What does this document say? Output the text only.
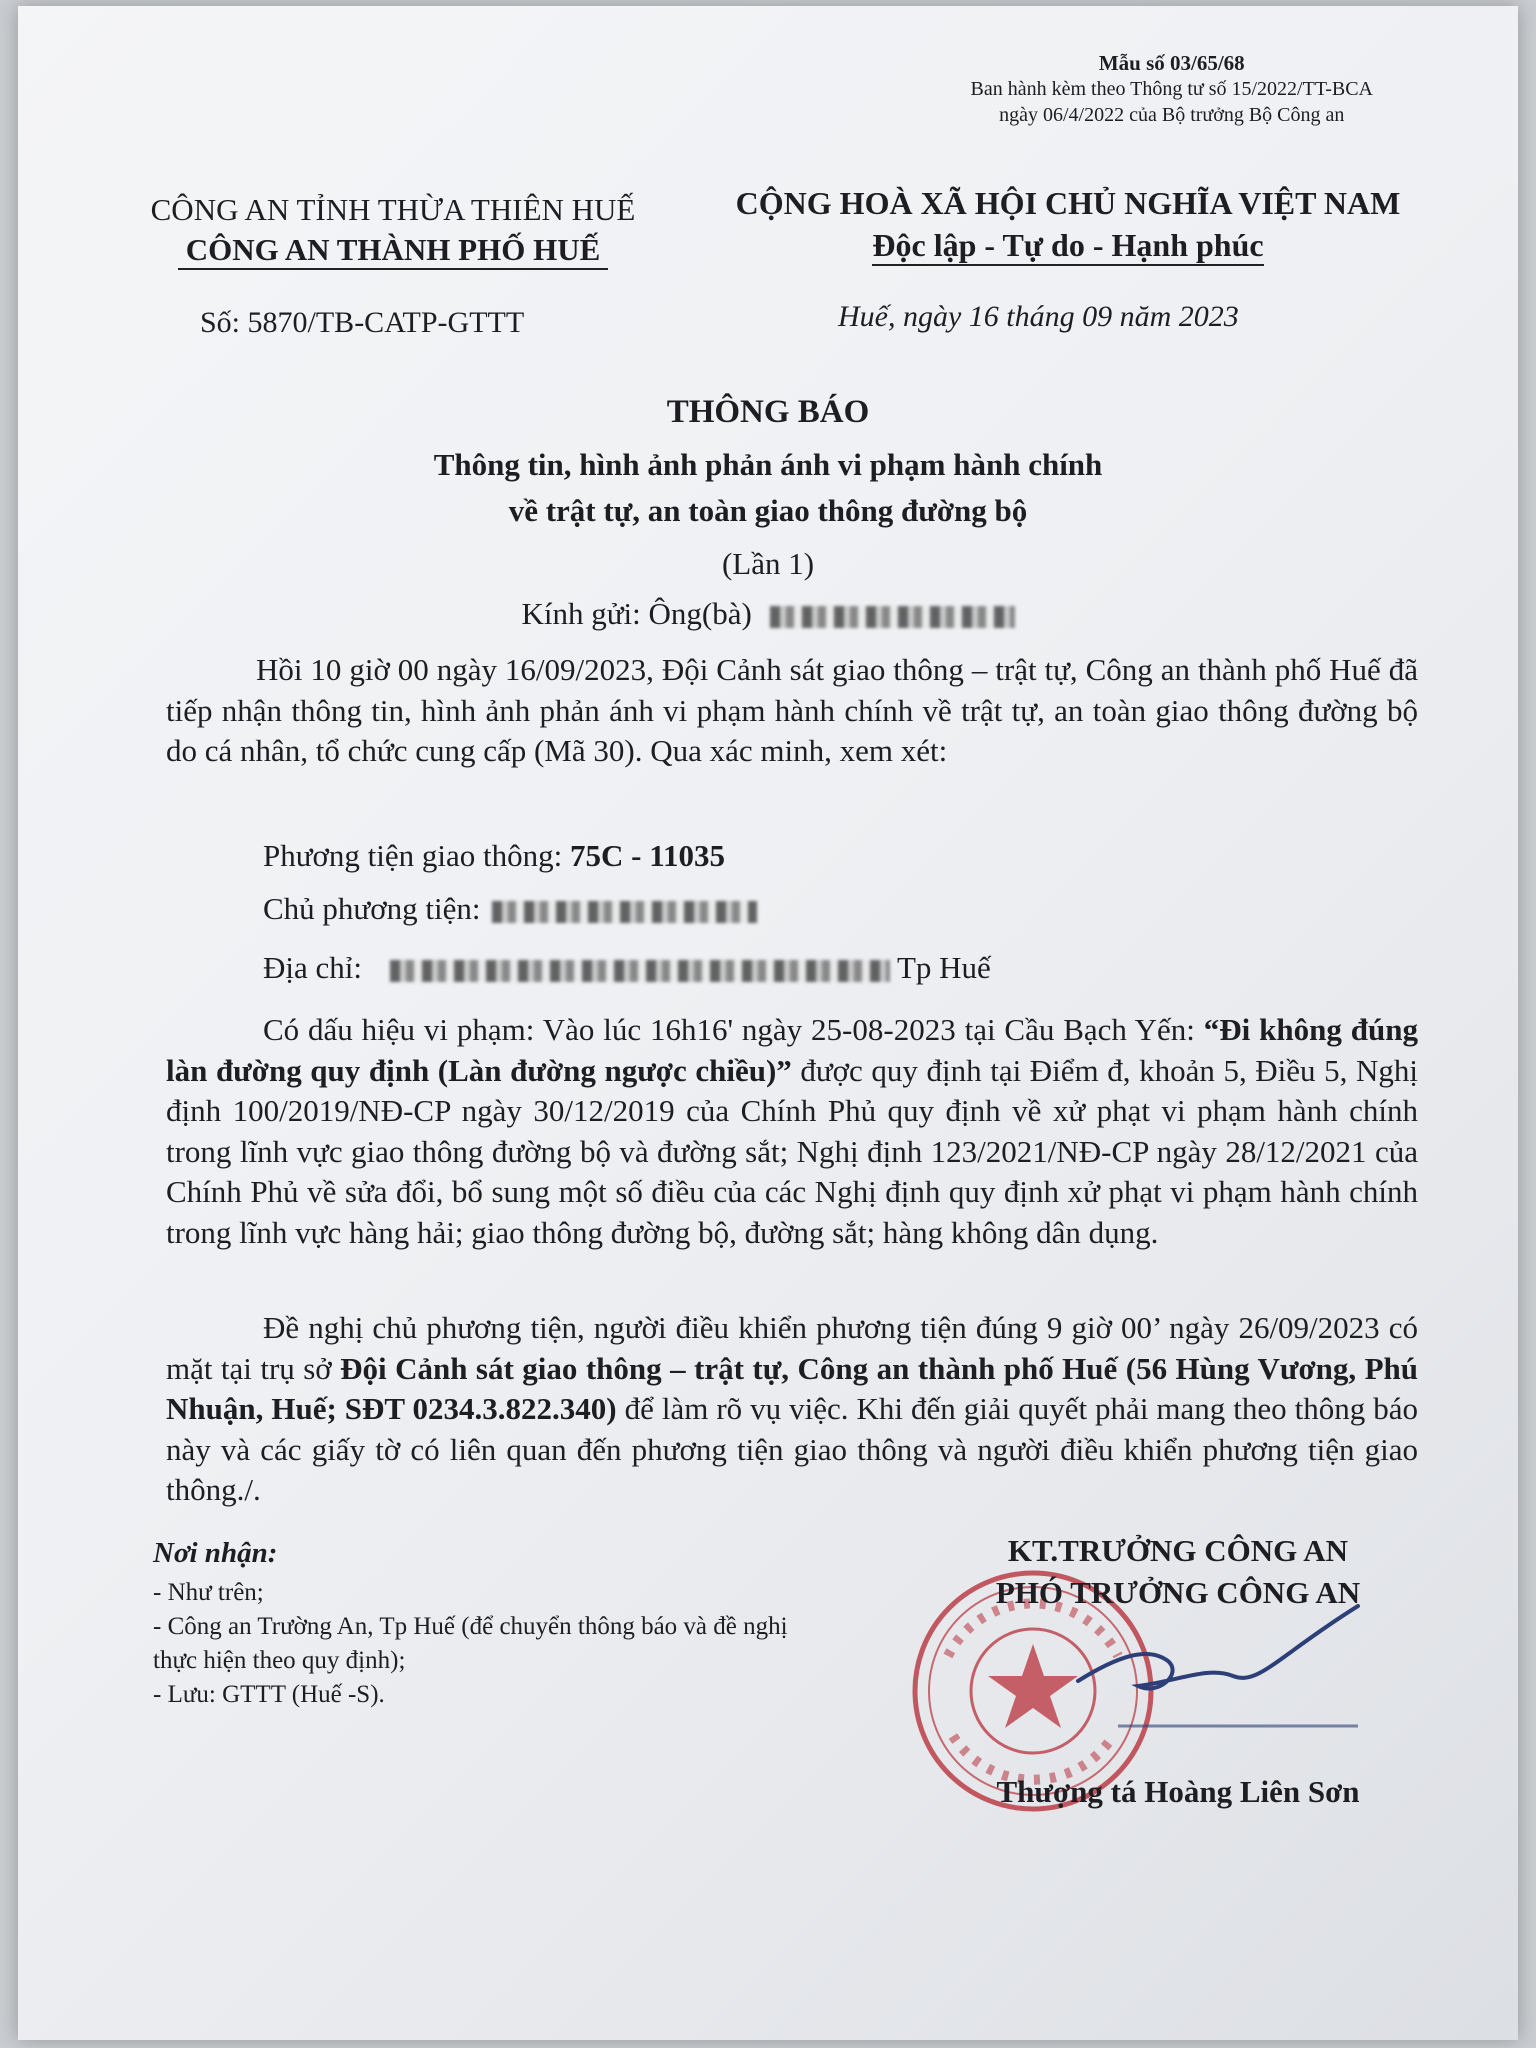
Mẫu số 03/65/68
Ban hành kèm theo Thông tư số 15/2022/TT-BCA
ngày 06/4/2022 của Bộ trưởng Bộ Công an
CÔNG AN TỈNH THỪA THIÊN HUẾ
CÔNG AN THÀNH PHỐ HUẾ
CỘNG HOÀ XÃ HỘI CHỦ NGHĨA VIỆT NAM
Độc lập - Tự do - Hạnh phúc
Số: 5870/TB-CATP-GTTT	Huế, ngày 16 tháng 09 năm 2023
THÔNG BÁO
Thông tin, hình ảnh phản ánh vi phạm hành chính
về trật tự, an toàn giao thông đường bộ
(Lần 1)
Kính gửi: Ông(bà)
Hồi 10 giờ 00 ngày 16/09/2023, Đội Cảnh sát giao thông – trật tự, Công an thành phố Huế đã tiếp nhận thông tin, hình ảnh phản ánh vi phạm hành chính về trật tự, an toàn giao thông đường bộ do cá nhân, tổ chức cung cấp (Mã 30). Qua xác minh, xem xét:
Phương tiện giao thông: 75C - 11035
Chủ phương tiện:
Địa chỉ:	Tp Huế
Có dấu hiệu vi phạm: Vào lúc 16h16' ngày 25-08-2023 tại Cầu Bạch Yến: “Đi không đúng làn đường quy định (Làn đường ngược chiều)” được quy định tại Điểm đ, khoản 5, Điều 5, Nghị định 100/2019/NĐ-CP ngày 30/12/2019 của Chính Phủ quy định về xử phạt vi phạm hành chính trong lĩnh vực giao thông đường bộ và đường sắt; Nghị định 123/2021/NĐ-CP ngày 28/12/2021 của Chính Phủ về sửa đổi, bổ sung một số điều của các Nghị định quy định xử phạt vi phạm hành chính trong lĩnh vực hàng hải; giao thông đường bộ, đường sắt; hàng không dân dụng.
Đề nghị chủ phương tiện, người điều khiển phương tiện đúng 9 giờ 00’ ngày 26/09/2023 có mặt tại trụ sở Đội Cảnh sát giao thông – trật tự, Công an thành phố Huế (56 Hùng Vương, Phú Nhuận, Huế; SĐT 0234.3.822.340) để làm rõ vụ việc. Khi đến giải quyết phải mang theo thông báo này và các giấy tờ có liên quan đến phương tiện giao thông và người điều khiển phương tiện giao thông./.
Nơi nhận:
- Như trên;
- Công an Trường An, Tp Huế (để chuyển thông báo và đề nghị thực hiện theo quy định);
- Lưu: GTTT (Huế -S).
KT.TRƯỞNG CÔNG AN
PHÓ TRƯỞNG CÔNG AN
Thượng tá Hoàng Liên Sơn
